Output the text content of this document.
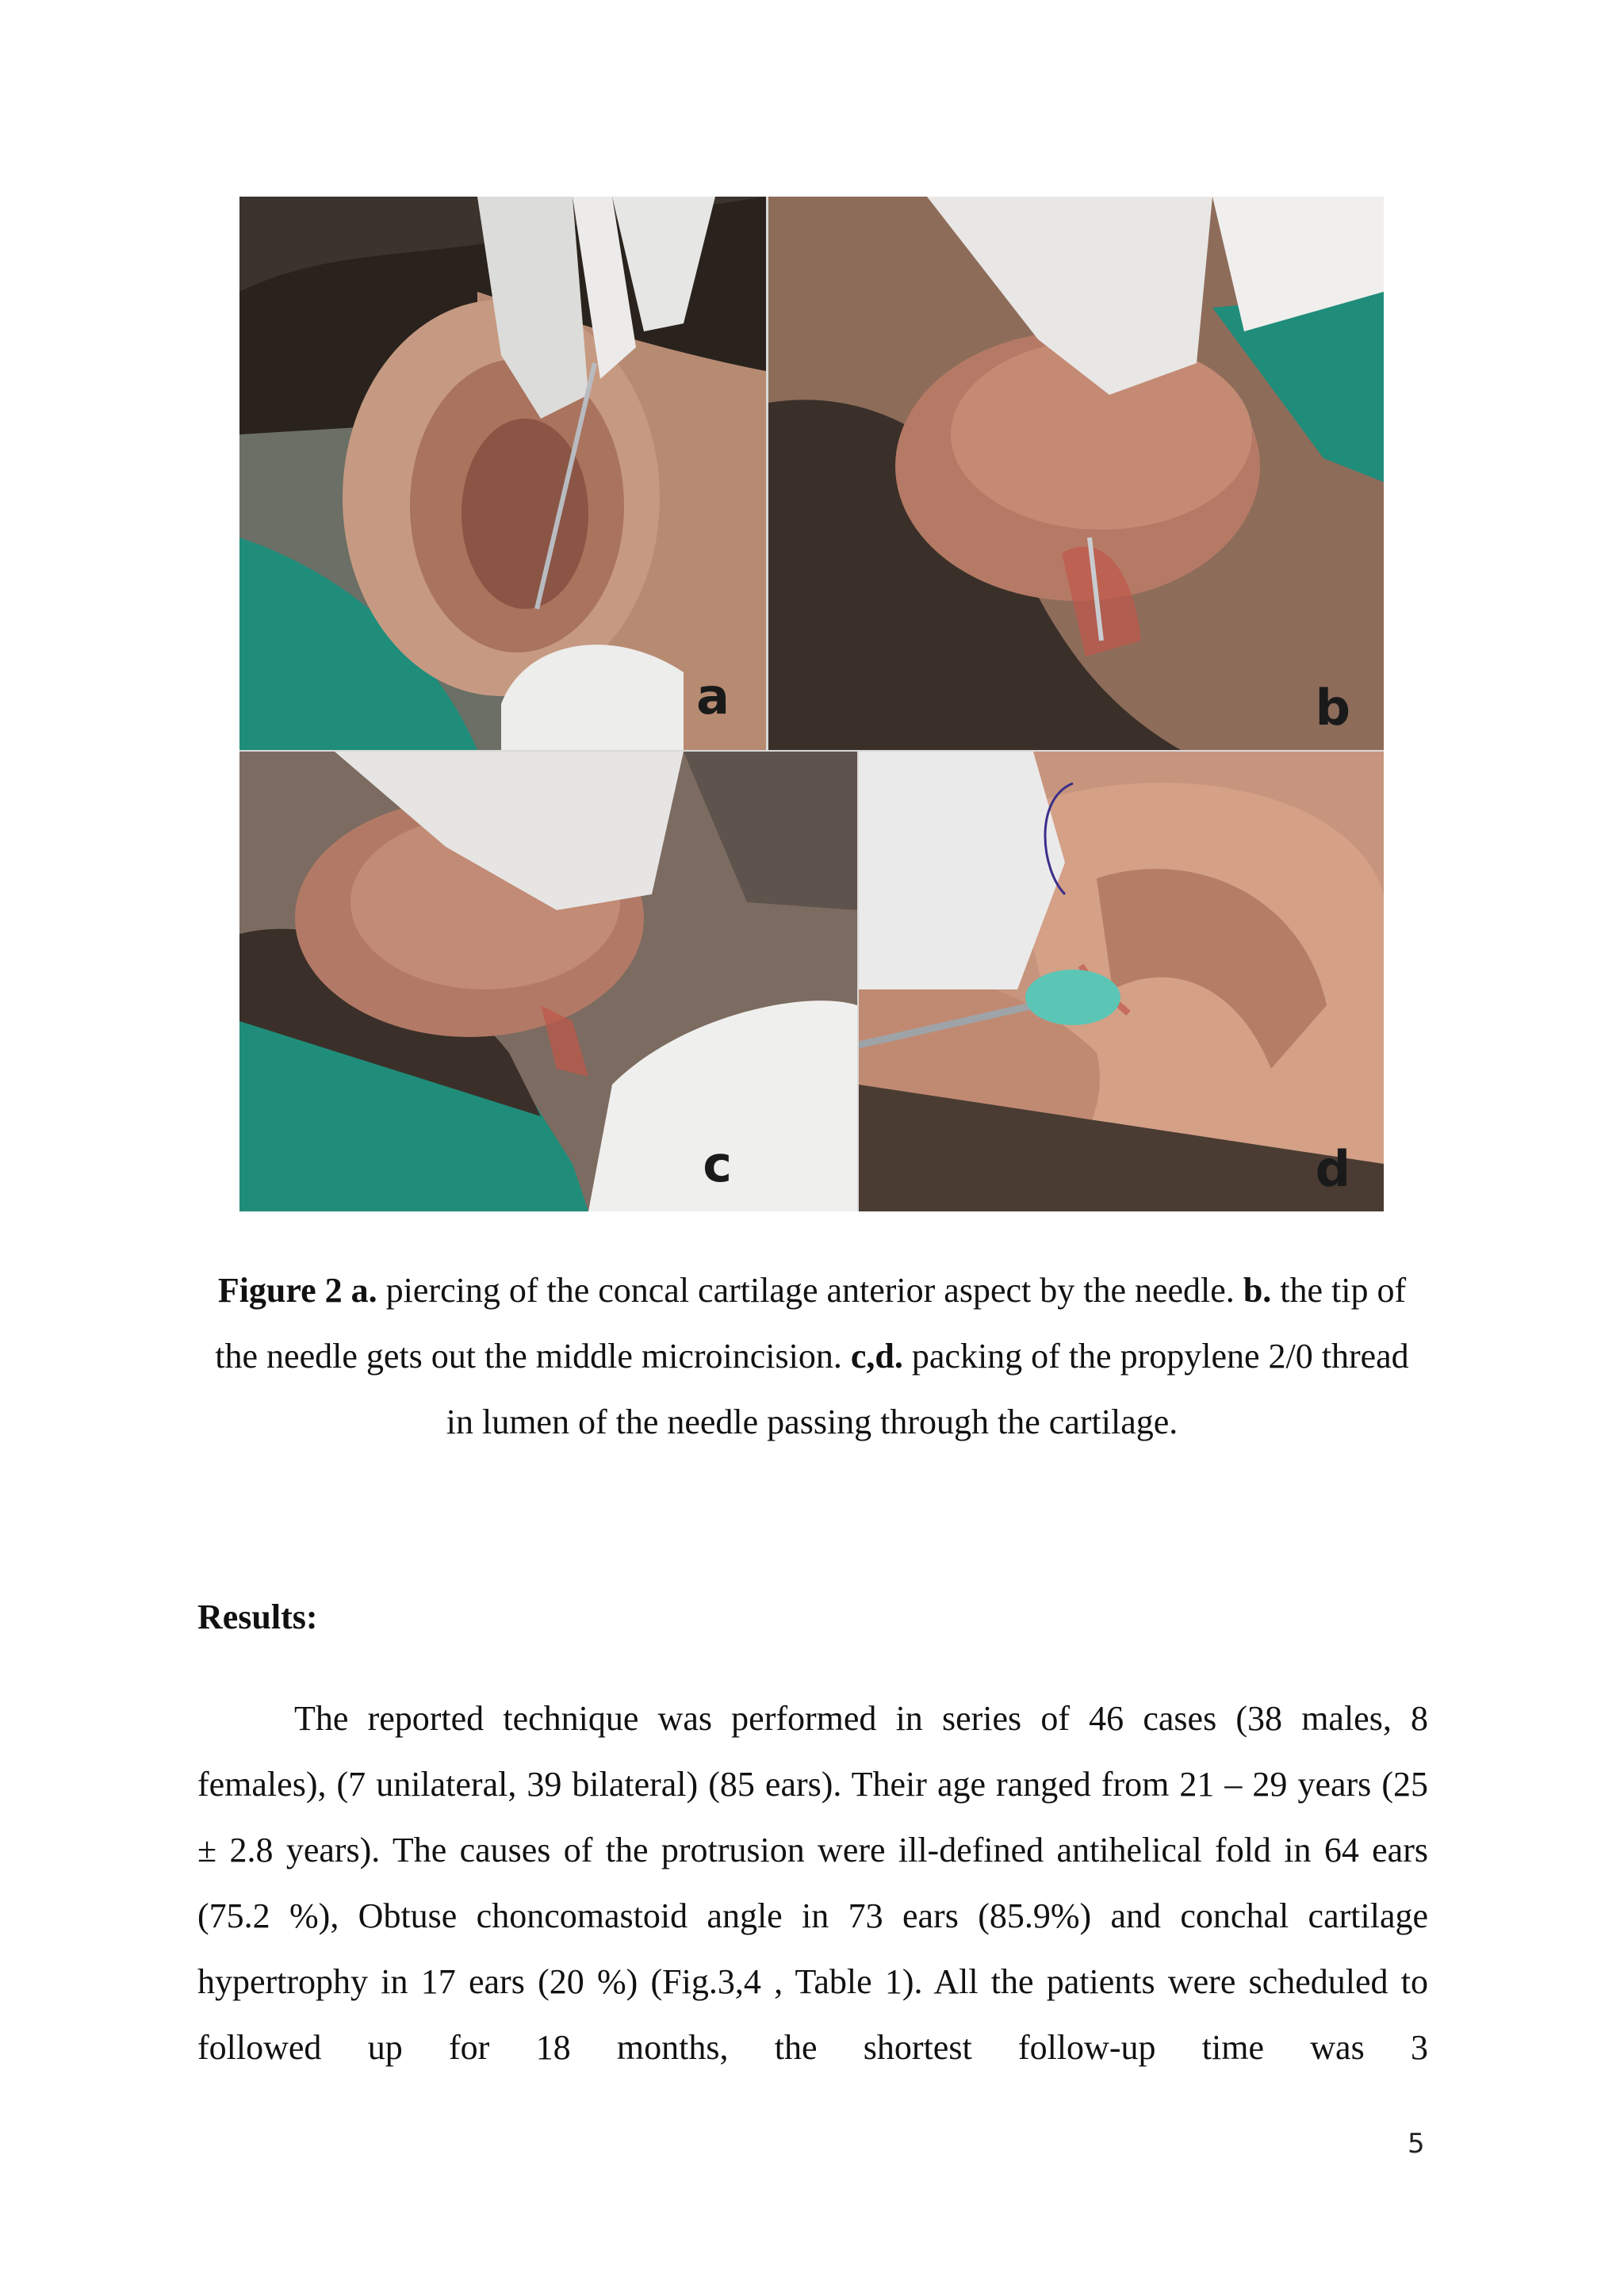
a	b
c	d
Figure 2 a. piercing of the concal cartilage anterior aspect by the needle. b. the tip of the needle gets out the middle microincision. c,d. packing of the propylene 2/0 thread in lumen of the needle passing through the cartilage.
Results:
The reported technique was performed in series of 46 cases (38 males, 8 females), (7 unilateral, 39 bilateral) (85 ears). Their age ranged from 21 – 29 years (25 ± 2.8 years). The causes of the protrusion were ill-defined antihelical fold in 64 ears (75.2 %), Obtuse choncomastoid angle in 73 ears (85.9%) and conchal cartilage hypertrophy in 17 ears (20 %) (Fig.3,4 , Table 1). All the patients were scheduled to followed up for 18 months, the shortest follow-up time was 3
5
